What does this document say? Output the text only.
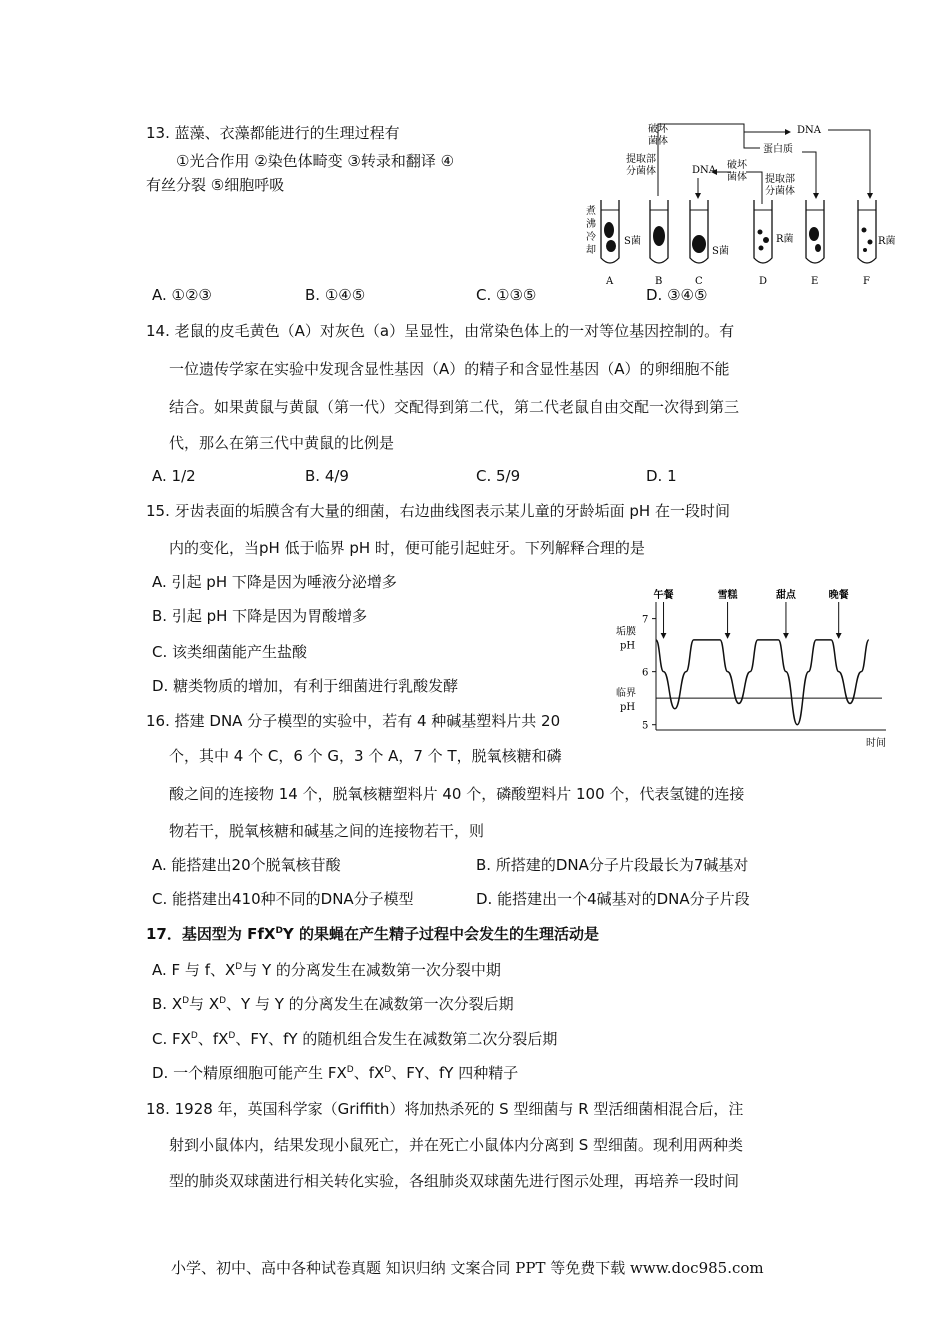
13. 蓝藻、衣藻都能进行的生理过程有
①光合作用 ②染色体畸变 ③转录和翻译 ④
有丝分裂 ⑤细胞呼吸
DNA
破坏
菌体
提取部
分菌体
蛋白质
DNA 破坏
菌体 提取部
分菌体
煮
沸
冷
却
S菌
S菌
R菌	R菌
A	B	C	D	E	F
A. ①②③	B. ①④⑤	C. ①③⑤	D. ③④⑤
14. 老鼠的皮毛黄色（A）对灰色（a）呈显性，由常染色体上的一对等位基因控制的。有
一位遗传学家在实验中发现含显性基因（A）的精子和含显性基因（A）的卵细胞不能
结合。如果黄鼠与黄鼠（第一代）交配得到第二代，第二代老鼠自由交配一次得到第三
代，那么在第三代中黄鼠的比例是
A. 1/2	B. 4/9	C. 5/9	D. 1
15. 牙齿表面的垢膜含有大量的细菌，右边曲线图表示某儿童的牙龄垢面 pH 在一段时间
内的变化，当pH 低于临界 pH 时，便可能引起蛀牙。下列解释合理的是
A. 引起 pH 下降是因为唾液分泌增多
B. 引起 pH 下降是因为胃酸增多
C. 该类细菌能产生盐酸
D. 糖类物质的增加，有利于细菌进行乳酸发酵
7
6
5
垢膜
pH
临界
pH
时间
午餐	雪糕	甜点	晚餐
16. 搭建 DNA 分子模型的实验中，若有 4 种碱基塑料片共 20
个，其中 4 个 C，6 个 G，3 个 A，7 个 T，脱氧核糖和磷
酸之间的连接物 14 个，脱氧核糖塑料片 40 个，磷酸塑料片 100 个，代表氢键的连接
物若干，脱氧核糖和碱基之间的连接物若干，则
A. 能搭建出20个脱氧核苷酸	B. 所搭建的DNA分子片段最长为7碱基对
C. 能搭建出410种不同的DNA分子模型	D. 能搭建出一个4碱基对的DNA分子片段
17．基因型为 FfX$^D$Y 的果蝇在产生精子过程中会发生的生理活动是
A. F 与 f、$X^D$与 Y 的分离发生在减数第一次分裂中期
B. $X^D$与 $X^D$、Y 与 Y 的分离发生在减数第一次分裂后期
C. $FX^D$、$fX^D$、FY、fY 的随机组合发生在减数第二次分裂后期
D. 一个精原细胞可能产生 $FX^D$、$fX^D$、FY、fY 四种精子
18. 1928 年，英国科学家（Griffith）将加热杀死的 S 型细菌与 R 型活细菌相混合后，注
射到小鼠体内，结果发现小鼠死亡，并在死亡小鼠体内分离到 S 型细菌。现利用两种类
型的肺炎双球菌进行相关转化实验，各组肺炎双球菌先进行图示处理，再培养一段时间
小学、初中、高中各种试卷真题 知识归纳 文案合同 PPT 等免费下载 www.doc985.com
